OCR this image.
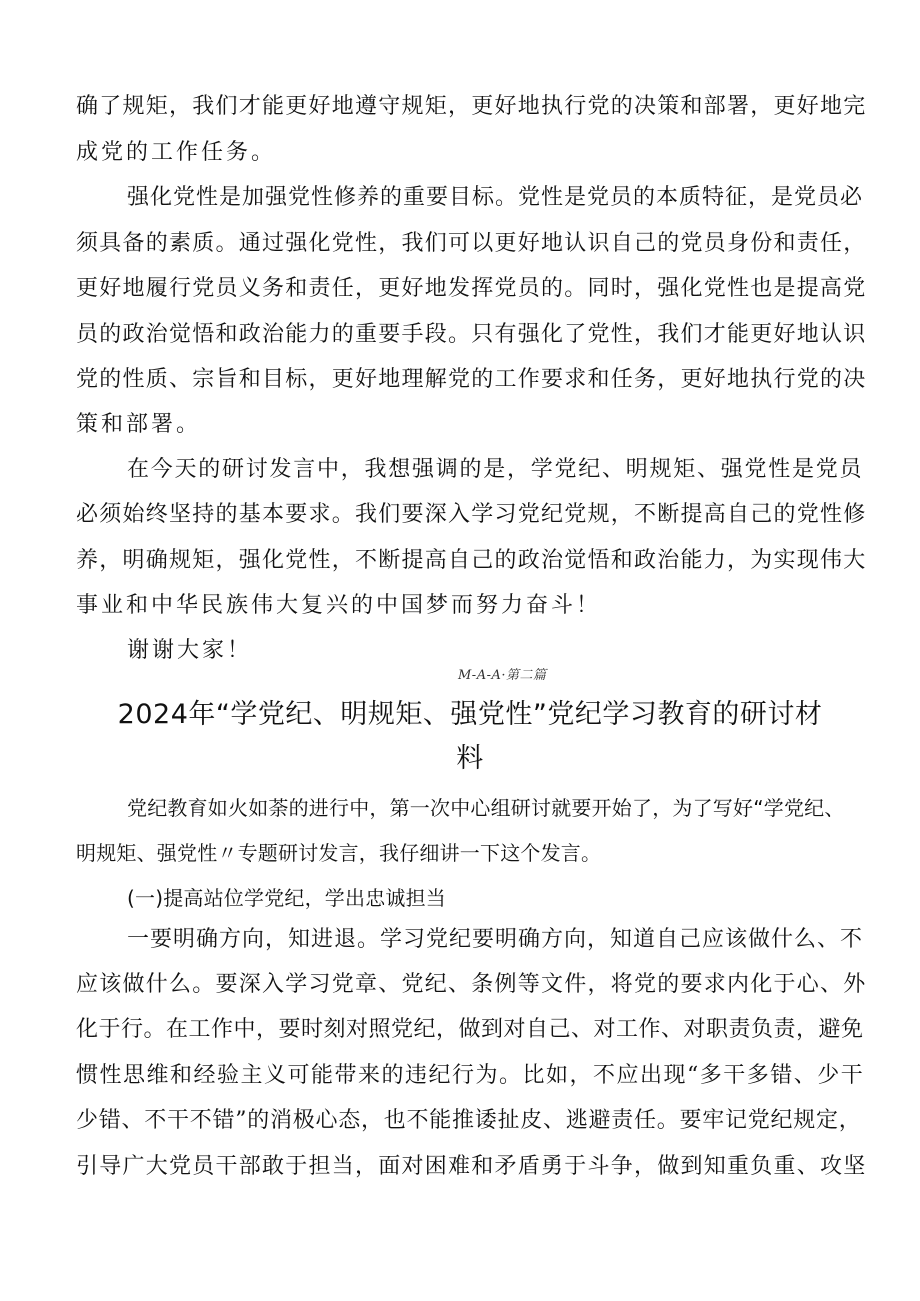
确了规矩，我们才能更好地遵守规矩，更好地执行党的决策和部署，更好地完
成党的工作任务。
强化党性是加强党性修养的重要目标。党性是党员的本质特征，是党员必
须具备的素质。通过强化党性，我们可以更好地认识自己的党员身份和责任，
更好地履行党员义务和责任，更好地发挥党员的。同时，强化党性也是提高党
员的政治觉悟和政治能力的重要手段。只有强化了党性，我们才能更好地认识
党的性质、宗旨和目标，更好地理解党的工作要求和任务，更好地执行党的决
策和部署。
在今天的研讨发言中，我想强调的是，学党纪、明规矩、强党性是党员
必须始终坚持的基本要求。我们要深入学习党纪党规，不断提高自己的党性修
养，明确规矩，强化党性，不断提高自己的政治觉悟和政治能力，为实现伟大
事业和中华民族伟大复兴的中国梦而努力奋斗！
谢谢大家！
M-A-A·第二篇
2024年“学党纪、明规矩、强党性”党纪学习教育的研讨材
料
党纪教育如火如荼的进行中，第一次中心组研讨就要开始了，为了写好“学党纪、
明规矩、强党性〃专题研讨发言，我仔细讲一下这个发言。
(一)提高站位学党纪，学出忠诚担当
一要明确方向，知进退。学习党纪要明确方向，知道自己应该做什么、不
应该做什么。要深入学习党章、党纪、条例等文件，将党的要求内化于心、外
化于行。在工作中，要时刻对照党纪，做到对自己、对工作、对职责负责，避免
惯性思维和经验主义可能带来的违纪行为。比如，不应出现“多干多错、少干
少错、不干不错”的消极心态，也不能推诿扯皮、逃避责任。要牢记党纪规定，
引导广大党员干部敢于担当，面对困难和矛盾勇于斗争，做到知重负重、攻坚
